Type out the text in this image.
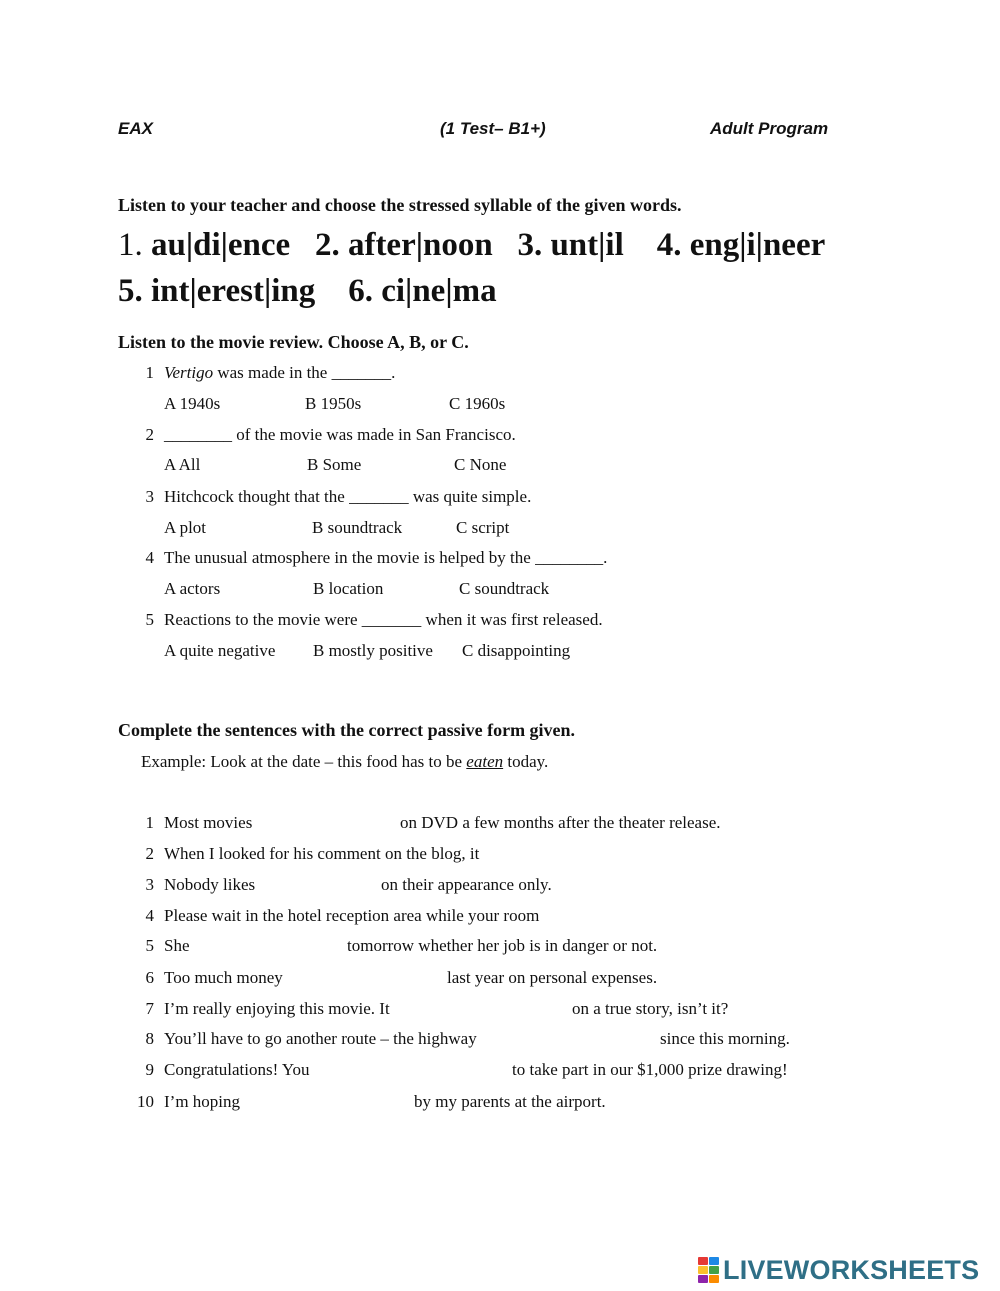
EAX	(1 Test– B1+)	Adult Program
Listen to your teacher and choose the stressed syllable of the given words.
1. au|di|ence   2. after|noon   3. unt|il    4. eng|i|neer
5. int|erest|ing    6. ci|ne|ma
Listen to the movie review. Choose A, B, or C.
1 Vertigo was made in the _______.
A 1940s	B 1950s	C 1960s
2 ________ of the movie was made in San Francisco.
A All	B Some	C None
3 Hitchcock thought that the _______ was quite simple.
A plot	B soundtrack	C script
4 The unusual atmosphere in the movie is helped by the ________.
A actors	B location	C soundtrack
5 Reactions to the movie were _______ when it was first released.
A quite negative B mostly positive C disappointing
Complete the sentences with the correct passive form given.
Example: Look at the date – this food has to be eaten today.
1 Most movies	on DVD a few months after the theater release.
2 When I looked for his comment on the blog, it
3 Nobody likes	on their appearance only.
4 Please wait in the hotel reception area while your room
5 She	tomorrow whether her job is in danger or not.
6 Too much money	last year on personal expenses.
7 I’m really enjoying this movie. It	on a true story, isn’t it?
8 You’ll have to go another route – the highway	since this morning.
9 Congratulations! You	to take part in our $1,000 prize drawing!
10 I’m hoping	by my parents at the airport.
LIVEWORKSHEETS
